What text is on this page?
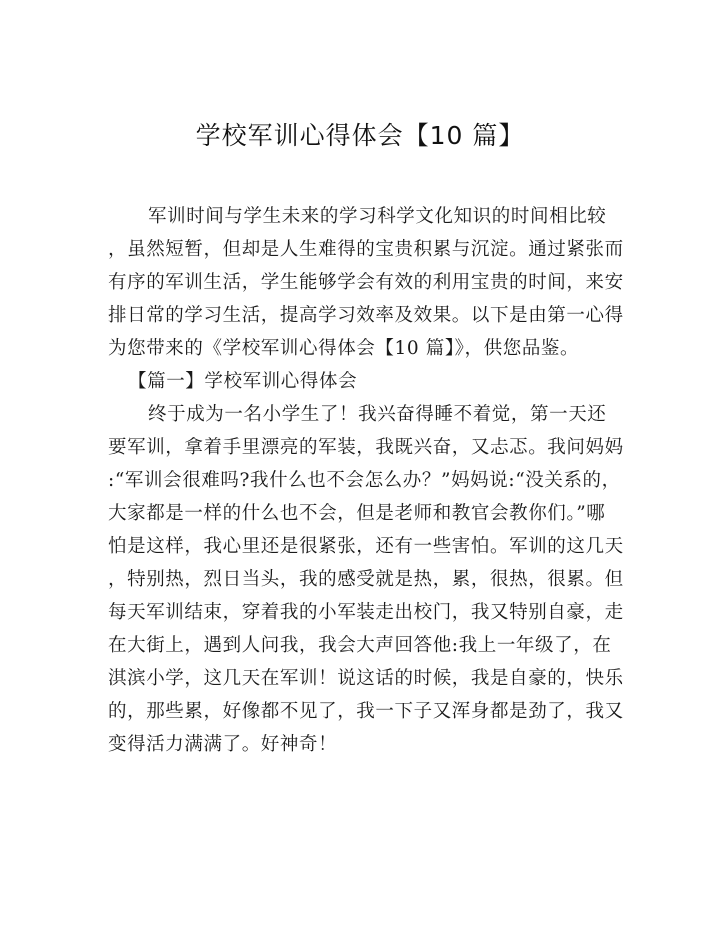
学校军训心得体会【10 篇】
军训时间与学生未来的学习科学文化知识的时间相比较
，虽然短暂，但却是人生难得的宝贵积累与沉淀。通过紧张而
有序的军训生活，学生能够学会有效的利用宝贵的时间，来安
排日常的学习生活，提高学习效率及效果。以下是由第一心得
为您带来的《学校军训心得体会【10 篇】》，供您品鉴。
【篇一】学校军训心得体会
终于成为一名小学生了！我兴奋得睡不着觉，第一天还
要军训，拿着手里漂亮的军装，我既兴奋，又忐忑。我问妈妈
:“军训会很难吗?我什么也不会怎么办？”妈妈说:“没关系的，
大家都是一样的什么也不会，但是老师和教官会教你们。”哪
怕是这样，我心里还是很紧张，还有一些害怕。军训的这几天
，特别热，烈日当头，我的感受就是热，累，很热，很累。但
每天军训结束，穿着我的小军装走出校门，我又特别自豪，走
在大街上，遇到人问我，我会大声回答他:我上一年级了，在
淇滨小学，这几天在军训！说这话的时候，我是自豪的，快乐
的，那些累，好像都不见了，我一下子又浑身都是劲了，我又
变得活力满满了。好神奇！
